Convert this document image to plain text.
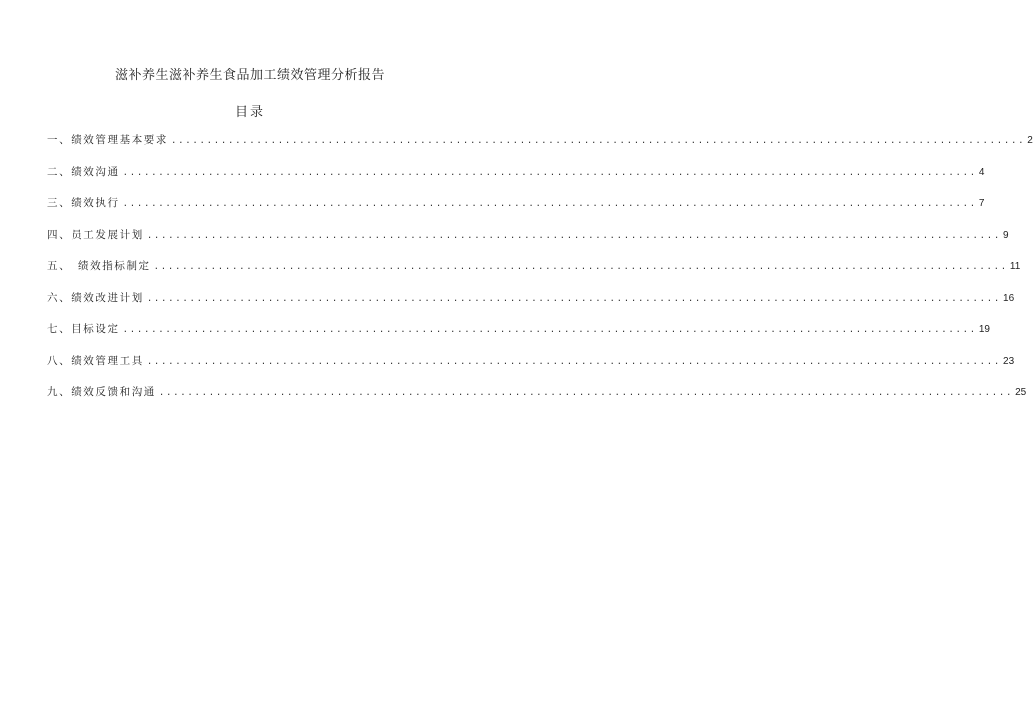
滋补养生滋补养生食品加工绩效管理分析报告
目录
一、绩效管理基本要求 ........................................................................................................................ 2
二、绩效沟通 ........................................................................................................................ 4
三、绩效执行 ........................................................................................................................ 7
四、员工发展计划 ........................................................................................................................ 9
五、　绩效指标制定 ........................................................................................................................ 11
六、绩效改进计划 ........................................................................................................................ 16
七、目标设定 ........................................................................................................................ 19
八、绩效管理工具 ........................................................................................................................ 23
九、绩效反馈和沟通 ........................................................................................................................ 25
